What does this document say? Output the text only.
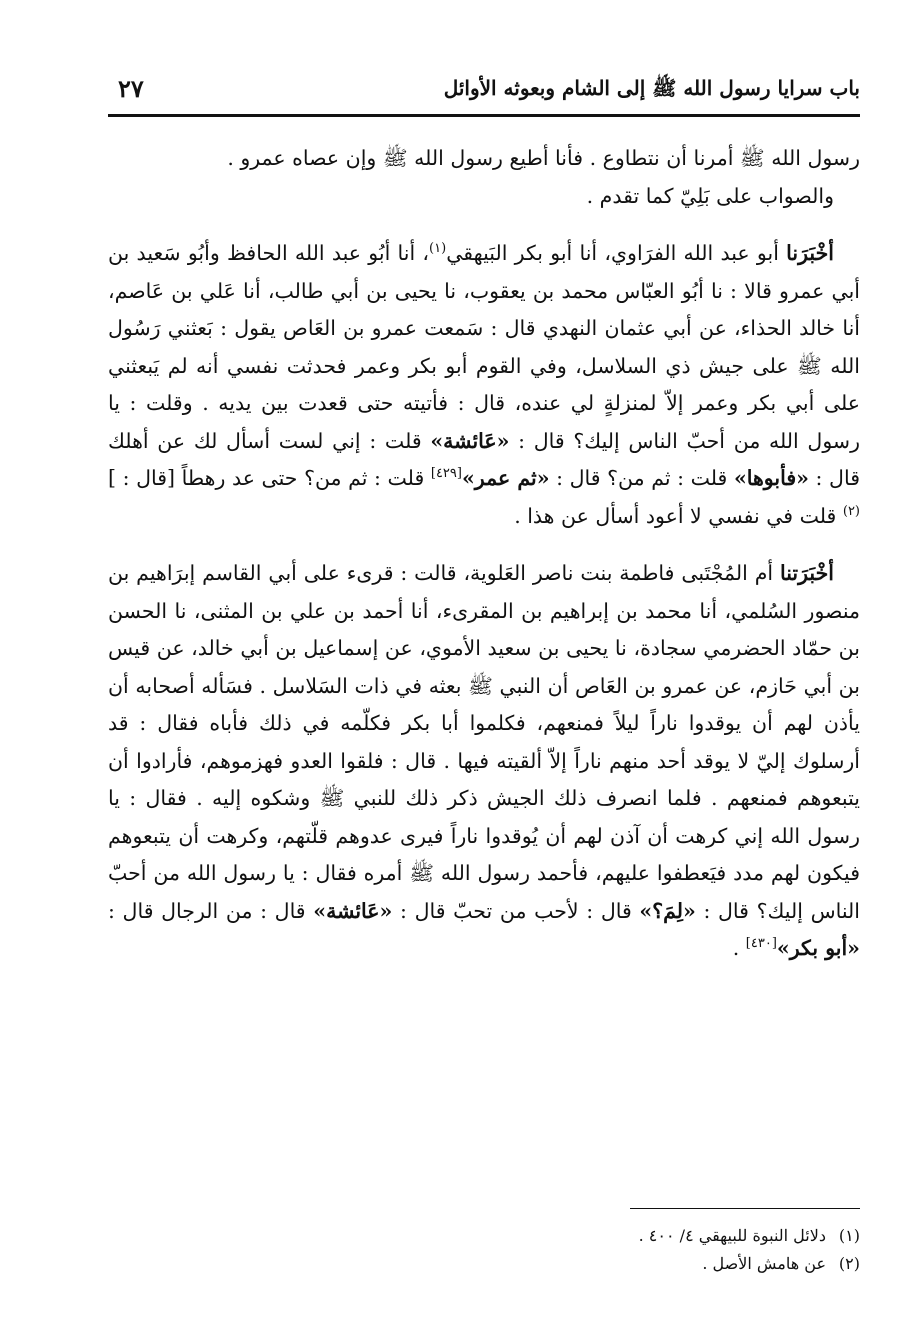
باب سرايا رسول الله ﷺ إلى الشام وبعوثه الأوائل
٢٧

رسول الله ﷺ أمرنا أن نتطاوع . فأنا أطيع رسول الله ﷺ وإن عصاه عمرو .

والصواب على بَلِيّ كما تقدم .

أخْبَرَنا أبو عبد الله الفرَاوي، أنا أبو بكر البَيهقي$^{(١)}$، أنا أبُو عبد الله الحافظ وأبُو سَعيد بن أبي عمرو قالا : نا أبُو العبّاس محمد بن يعقوب، نا يحيى بن أبي طالب، أنا عَلي بن عَاصم، أنا خالد الحذاء، عن أبي عثمان النهدي قال : سَمعت عمرو بن العَاص يقول : بَعثني رَسُول الله ﷺ على جيش ذي السلاسل، وفي القوم أبو بكر وعمر فحدثت نفسي أنه لم يَبعثني على أبي بكر وعمر إلاّ لمنزلةٍ لي عنده، قال : فأتيته حتى قعدت بين يديه . وقلت : يا رسول الله من أحبّ الناس إليك؟ قال : «عَائشة» قلت : إني لست أسأل لك عن أهلك قال : «فأبوها» قلت : ثم من؟ قال : «ثم عمر»[٤٢٩] قلت : ثم من؟ حتى عد رهطاً [قال : ]$^{(٢)}$ قلت في نفسي لا أعود أسأل عن هذا .

أخْبَرَتنا أم المُجْتَبى فاطمة بنت ناصر العَلوية، قالت : قرىء على أبي القاسم إبرَاهيم بن منصور السُلمي، أنا محمد بن إبراهيم بن المقرىء، أنا أحمد بن علي بن المثنى، نا الحسن بن حمّاد الحضرمي سجادة، نا يحيى بن سعيد الأموي، عن إسماعيل بن أبي خالد، عن قيس بن أبي حَازم، عن عمرو بن العَاص أن النبي ﷺ بعثه في ذات السَلاسل . فسَأله أصحابه أن يأذن لهم أن يوقدوا ناراً ليلاً فمنعهم، فكلموا أبا بكر فكلّمه في ذلك فأباه فقال : قد أرسلوك إليّ لا يوقد أحد منهم ناراً إلاّ ألقيته فيها . قال : فلقوا العدو فهزموهم، فأرادوا أن يتبعوهم فمنعهم . فلما انصرف ذلك الجيش ذكر ذلك للنبي ﷺ وشكوه إليه . فقال : يا رسول الله إني كرهت أن آذن لهم أن يُوقدوا ناراً فيرى عدوهم قلّتهم، وكرهت أن يتبعوهم فيكون لهم مدد فيَعطفوا عليهم، فأحمد رسول الله ﷺ أمره فقال : يا رسول الله من أحبّ الناس إليك؟ قال : «لِمَ؟» قال : لأحب من تحبّ قال : «عَائشة» قال : من الرجال قال : «أبو بكر»[٤٣٠] .

(١)دلائل النبوة للبيهقي ٤/ ٤٠٠ .
(٢)عن هامش الأصل .
